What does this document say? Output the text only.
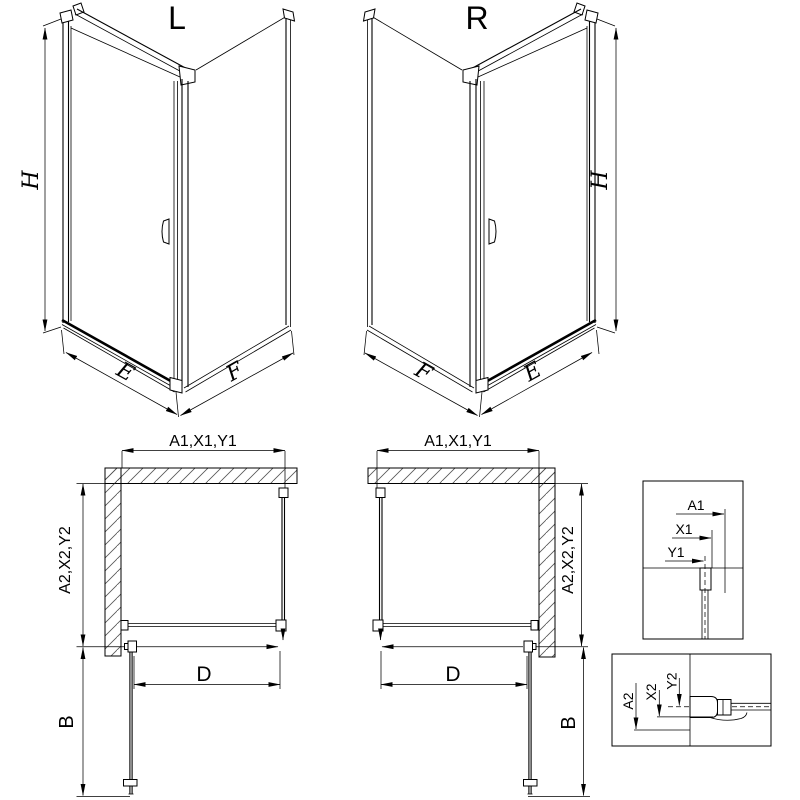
L
H
E	F
R
H
F	E
A1,X1,Y1
A2,X2,Y2
B
D
A1,X1,Y1
A2,X2,Y2
B
D
A1
X1
Y1
A2
X2
Y2
